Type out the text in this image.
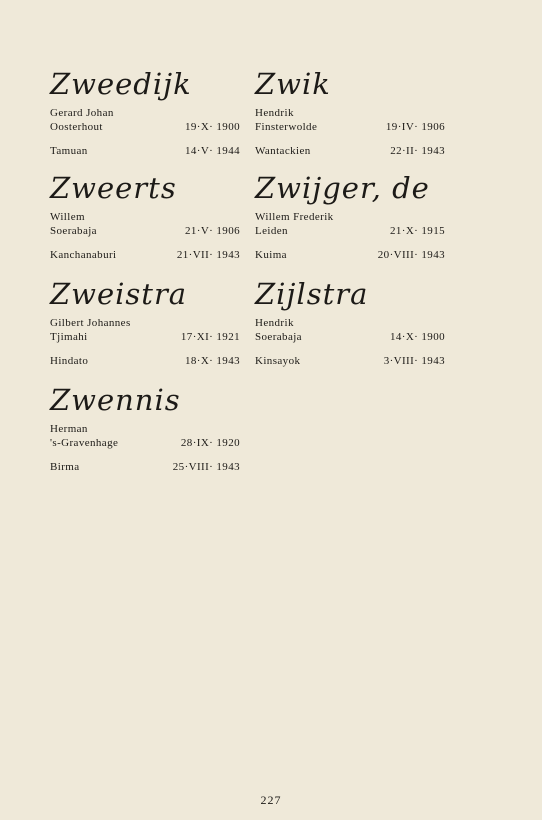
Zweedijk
Gerard Johan
Oosterhout	19·X· 1900
Tamuan	14·V· 1944
Zwik
Hendrik
Finsterwolde	19·IV· 1906
Wantackien	22·II· 1943
Zweerts
Willem
Soerabaja	21·V· 1906
Kanchanaburi	21·VII· 1943
Zwijger, de
Willem Frederik
Leiden	21·X· 1915
Kuima	20·VIII· 1943
Zweistra
Gilbert Johannes
Tjimahi	17·XI· 1921
Hindato	18·X· 1943
Zijlstra
Hendrik
Soerabaja	14·X· 1900
Kinsayok	3·VIII· 1943
Zwennis
Herman
's-Gravenhage	28·IX· 1920
Birma	25·VIII· 1943
227
